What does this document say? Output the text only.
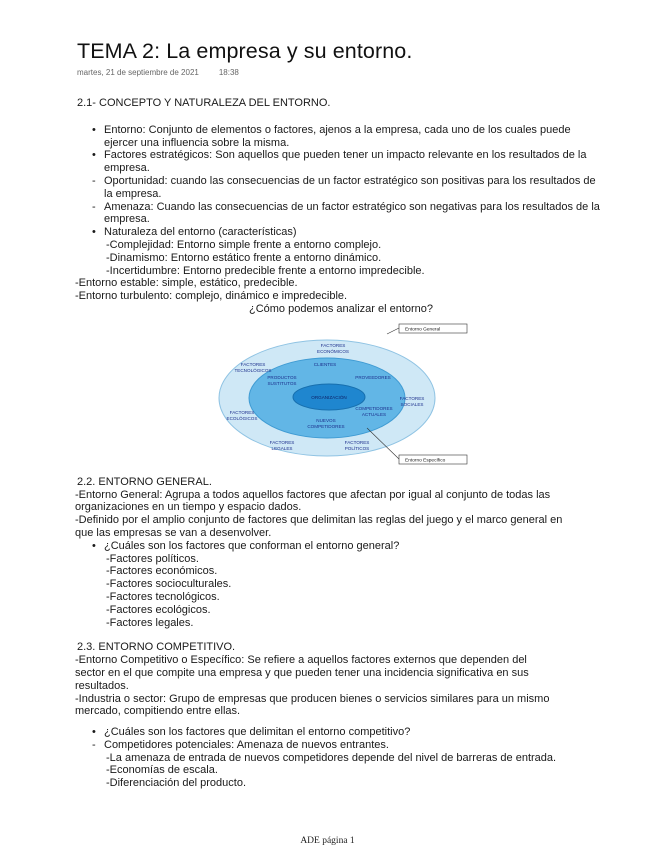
TEMA 2: La empresa y su entorno.
martes, 21 de septiembre de 2021	18:38
2.1- CONCEPTO Y NATURALEZA DEL ENTORNO.
• Entorno: Conjunto de elementos o factores, ajenos a la empresa, cada uno de los cuales puede ejercer una influencia sobre la misma.
• Factores estratégicos: Son aquellos que pueden tener un impacto relevante en los resultados de la empresa.
- Oportunidad: cuando las consecuencias de un factor estratégico son positivas para los resultados de la empresa.
- Amenaza: Cuando las consecuencias de un factor estratégico son negativas para los resultados de la empresa.
• Naturaleza del entorno (características)
-Complejidad: Entorno simple frente a entorno complejo.
-Dinamismo: Entorno estático frente a entorno dinámico.
-Incertidumbre: Entorno predecible frente a entorno impredecible.
-Entorno estable: simple, estático, predecible.
-Entorno turbulento: complejo, dinámico e impredecible.
¿Cómo podemos analizar el entorno?
ORGANIZACIÓN
PRODUCTOS
SUSTITUTOS
CLIENTES
PROVEEDORES
COMPETIDORES
ACTUALES
NUEVOS
COMPETIDORES
FACTORES
ECONÓMICOS
FACTORES
TECNOLÓGICOS
FACTORES
SOCIALES
FACTORES
ECOLÓGICOS
FACTORES
LEGALES
FACTORES
POLÍTICOS
Entorno General
Entorno Específico
2.2. ENTORNO GENERAL.
-Entorno General: Agrupa a todos aquellos factores que afectan por igual al conjunto de todas las
organizaciones en un tiempo y espacio dados.
-Definido por el amplio conjunto de factores que delimitan las reglas del juego y el marco general en
que las empresas se van a desenvolver.
• ¿Cuáles son los factores que conforman el entorno general?
-Factores políticos.
-Factores económicos.
-Factores socioculturales.
-Factores tecnológicos.
-Factores ecológicos.
-Factores legales.
2.3. ENTORNO COMPETITIVO.
-Entorno Competitivo o Específico: Se refiere a aquellos factores externos que dependen del
sector en el que compite una empresa y que pueden tener una incidencia significativa en sus
resultados.
-Industria o sector: Grupo de empresas que producen bienes o servicios similares para un mismo
mercado, compitiendo entre ellas.
• ¿Cuáles son los factores que delimitan el entorno competitivo?
- Competidores potenciales: Amenaza de nuevos entrantes.
-La amenaza de entrada de nuevos competidores depende del nivel de barreras de entrada.
-Economías de escala.
-Diferenciación del producto.
ADE página 1
